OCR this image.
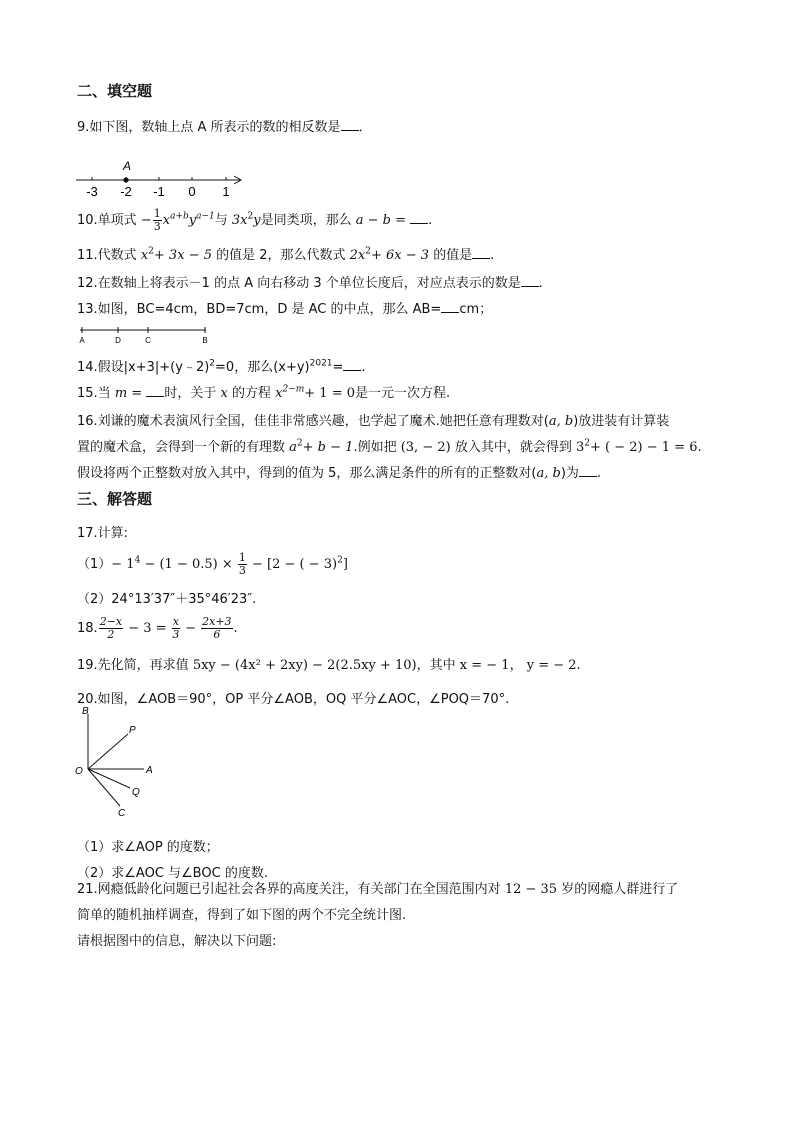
二、填空题
9.如下图，数轴上点 A 所表示的数的相反数是 ．
-3 -2 -1 0 1
A
10.单项式 − $\frac{1}{3} x^{a+b}y^{a-1}$与 $3x^2y$是同类项，那么 a − b = .
11.代数式 $x^2+ 3x - 5$ 的值是 2，那么代数式 $2x^2+ 6x - 3$ 的值是 .
12.在数轴上将表示－1 的点 A 向右移动 3 个单位长度后，对应点表示的数是 .
13.如图，BC=4cm，BD=7cm，D 是 AC 的中点，那么 AB= cm；
A	D	C	B
14.假设|x+3|+(y﹣2)$^2$=0，那么$(x+y)^{2021}=$ .
15.当 m = 时，关于 x 的方程 $x^{2-m}+ 1 = 0$是一元一次方程.
16.刘谦的魔术表演风行全国，佳佳非常感兴趣，也学起了魔术.她把任意有理数对(a, b)放进装有计算装
置的魔术盒，会得到一个新的有理数 $a^2+ b - 1$.例如把 (3, − 2) 放入其中，就会得到 $3^2+$ ( − 2) − 1 = 6.
假设将两个正整数对放入其中，得到的值为 5，那么满足条件的所有的正整数对(a, b)为 .
三、解答题
17.计算:
$(1)- 1^4 - (1 - 0.5) \times \frac{1}{3} - [2$ − ( − 3)$^2$]
（2）24°13′37″＋35°46′23″.
18. $\frac{2-x}{2} - 3 = \frac{x}{3} - \frac{2x+3}{6}$ .
19.先化简，再求值 5xy − (4x² + 2xy) − 2(2.5xy + 10)，其中 x = − 1， y = − 2.
20.如图，∠AOB＝90°，OP 平分∠AOB，OQ 平分∠AOC，∠POQ＝70°.
B
P
O	A
Q
C
（1）求∠AOP 的度数；
（2）求∠AOC 与∠BOC 的度数.
21.网瘾低龄化问题已引起社会各界的高度关注，有关部门在全国范围内对 12 − 35 岁的网瘾人群进行了
简单的随机抽样调查，得到了如下图的两个不完全统计图.
请根据图中的信息，解决以下问题:
